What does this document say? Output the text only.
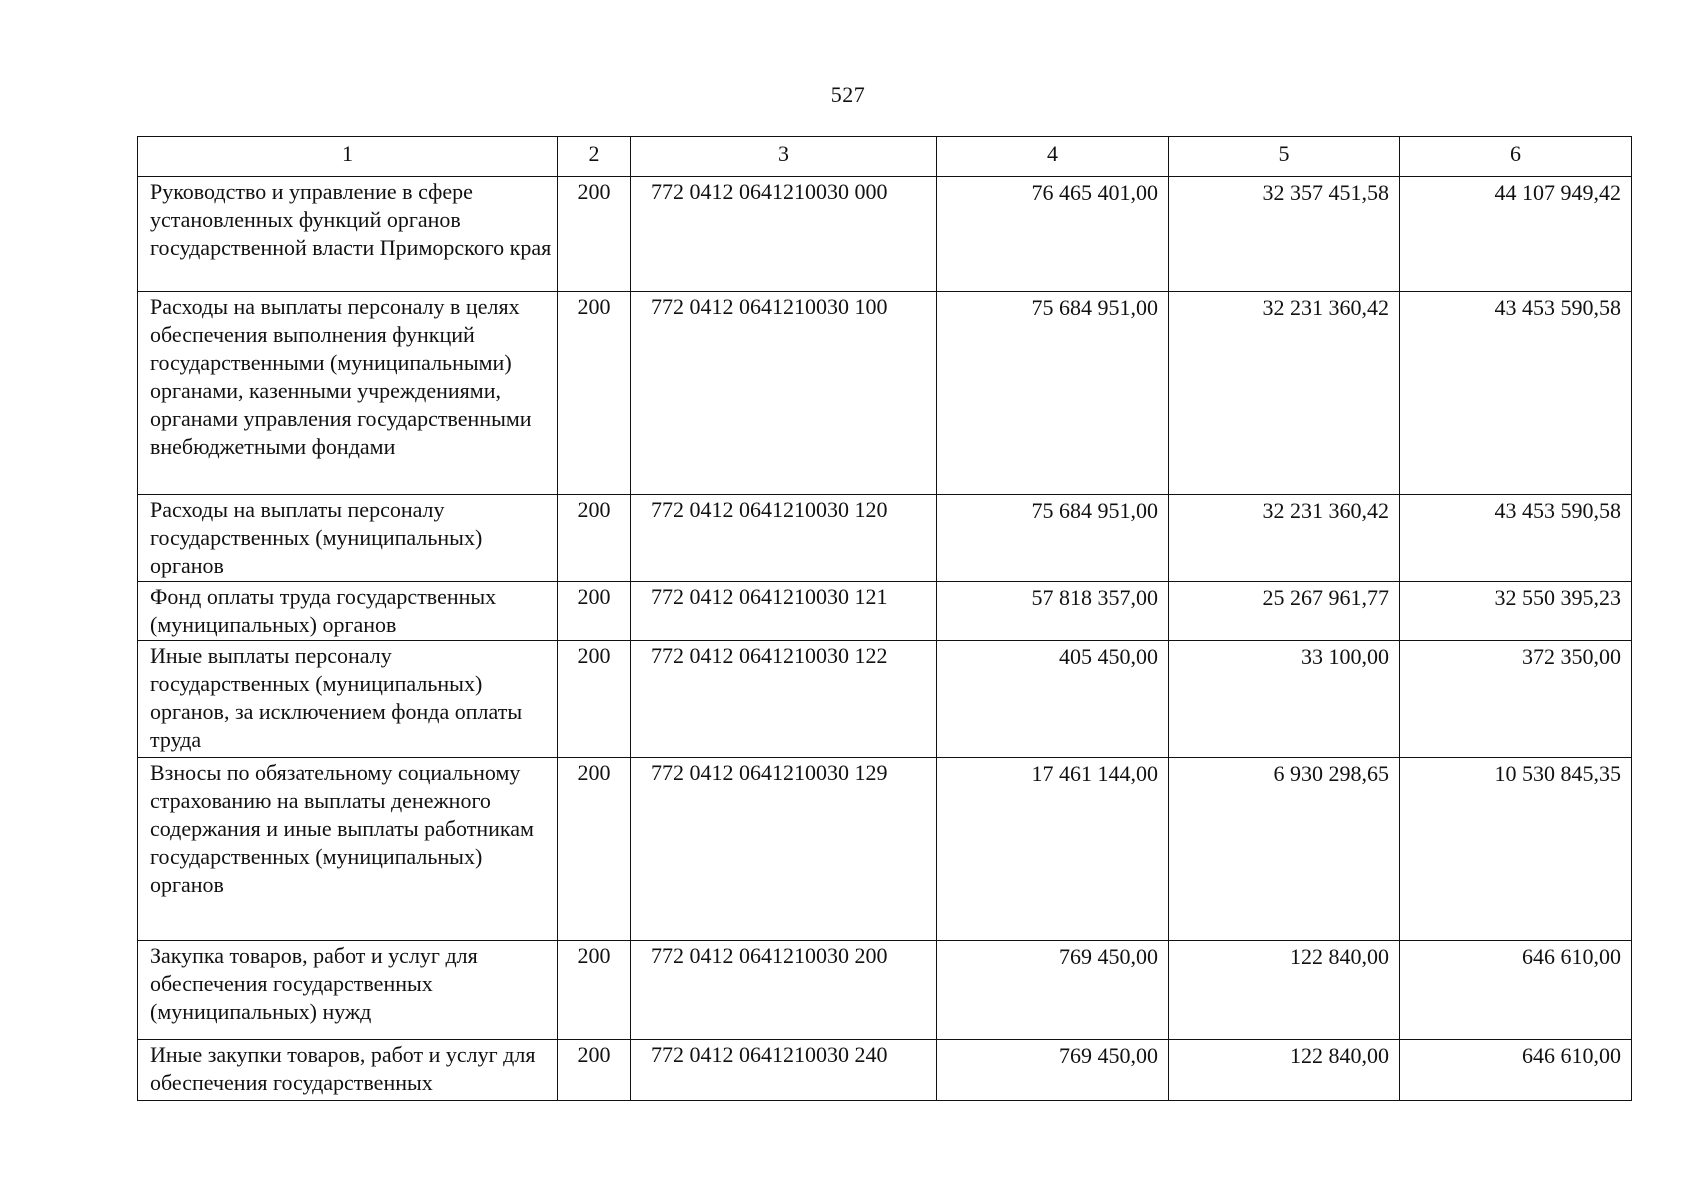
527
1	2	3	4	5	6
Руководство и управление в сфере установленных функций органов государственной власти Приморского края	200	772 0412 0641210030 000	76 465 401,00	32 357 451,58	44 107 949,42
Расходы на выплаты персоналу в целях обеспечения выполнения функций государственными (муниципальными) органами, казенными учреждениями, органами управления государственными внебюджетными фондами	200	772 0412 0641210030 100	75 684 951,00	32 231 360,42	43 453 590,58
Расходы на выплаты персоналу государственных (муниципальных) органов	200	772 0412 0641210030 120	75 684 951,00	32 231 360,42	43 453 590,58
Фонд оплаты труда государственных (муниципальных) органов	200	772 0412 0641210030 121	57 818 357,00	25 267 961,77	32 550 395,23
Иные выплаты персоналу государственных (муниципальных) органов, за исключением фонда оплаты труда	200	772 0412 0641210030 122	405 450,00	33 100,00	372 350,00
Взносы по обязательному социальному страхованию на выплаты денежного содержания и иные выплаты работникам государственных (муниципальных) органов	200	772 0412 0641210030 129	17 461 144,00	6 930 298,65	10 530 845,35
Закупка товаров, работ и услуг для обеспечения государственных (муниципальных) нужд	200	772 0412 0641210030 200	769 450,00	122 840,00	646 610,00
Иные закупки товаров, работ и услуг для обеспечения государственных	200	772 0412 0641210030 240	769 450,00	122 840,00	646 610,00
